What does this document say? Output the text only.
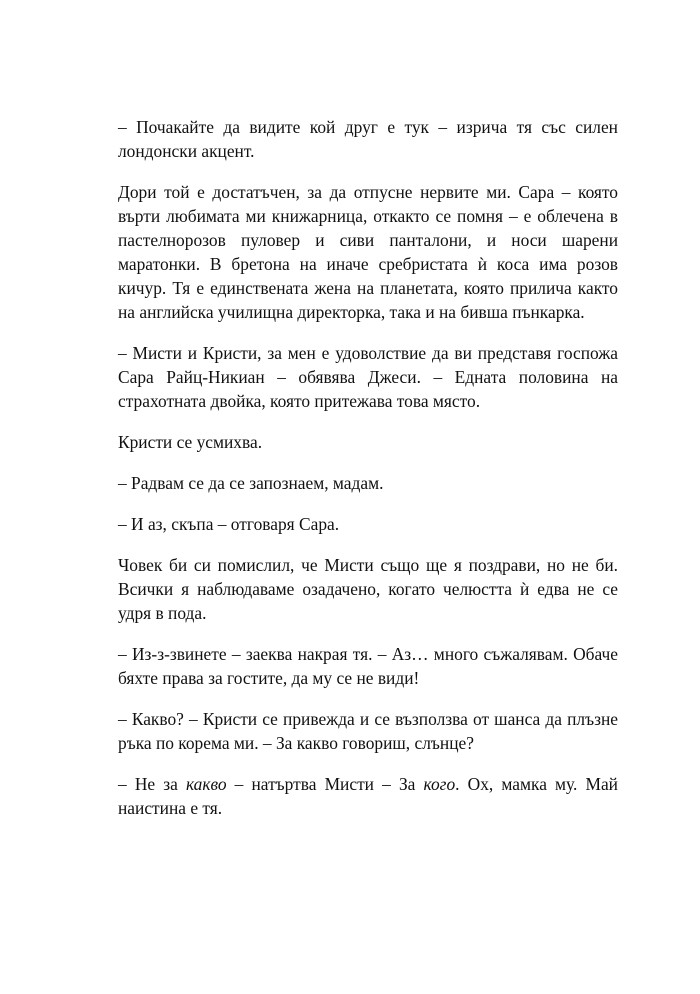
– Почакайте да видите кой друг е тук – изрича тя със силен лондонски акцент.

Дори той е достатъчен, за да отпусне нервите ми. Сара – която върти любимата ми книжарница, откакто се помня – е облечена в пастелнорозов пуловер и сиви панталони, и носи шарени маратонки. В бретона на иначе сребристата ѝ коса има розов кичур. Тя е единствената жена на планетата, която прилича както на английска училищна директорка, така и на бивша пънкарка.

– Мисти и Кристи, за мен е удоволствие да ви представя госпожа Сара Райц-Никиан – обявява Джеси. – Едната половина на страхотната двойка, която притежава това място.

Кристи се усмихва.

– Радвам се да се запознаем, мадам.

– И аз, скъпа – отговаря Сара.

Човек би си помислил, че Мисти също ще я поздрави, но не би. Всички я наблюдаваме озадачено, когато челюстта ѝ едва не се удря в пода.

– Из-з-звинете – заеква накрая тя. – Аз… много съжалявам. Обаче бяхте права за гостите, да му се не види!

– Какво? – Кристи се привежда и се възползва от шанса да плъзне ръка по корема ми. – За какво говориш, слънце?

– Не за какво – натъртва Мисти – За кого. Ох, мамка му. Май наистина е тя.
